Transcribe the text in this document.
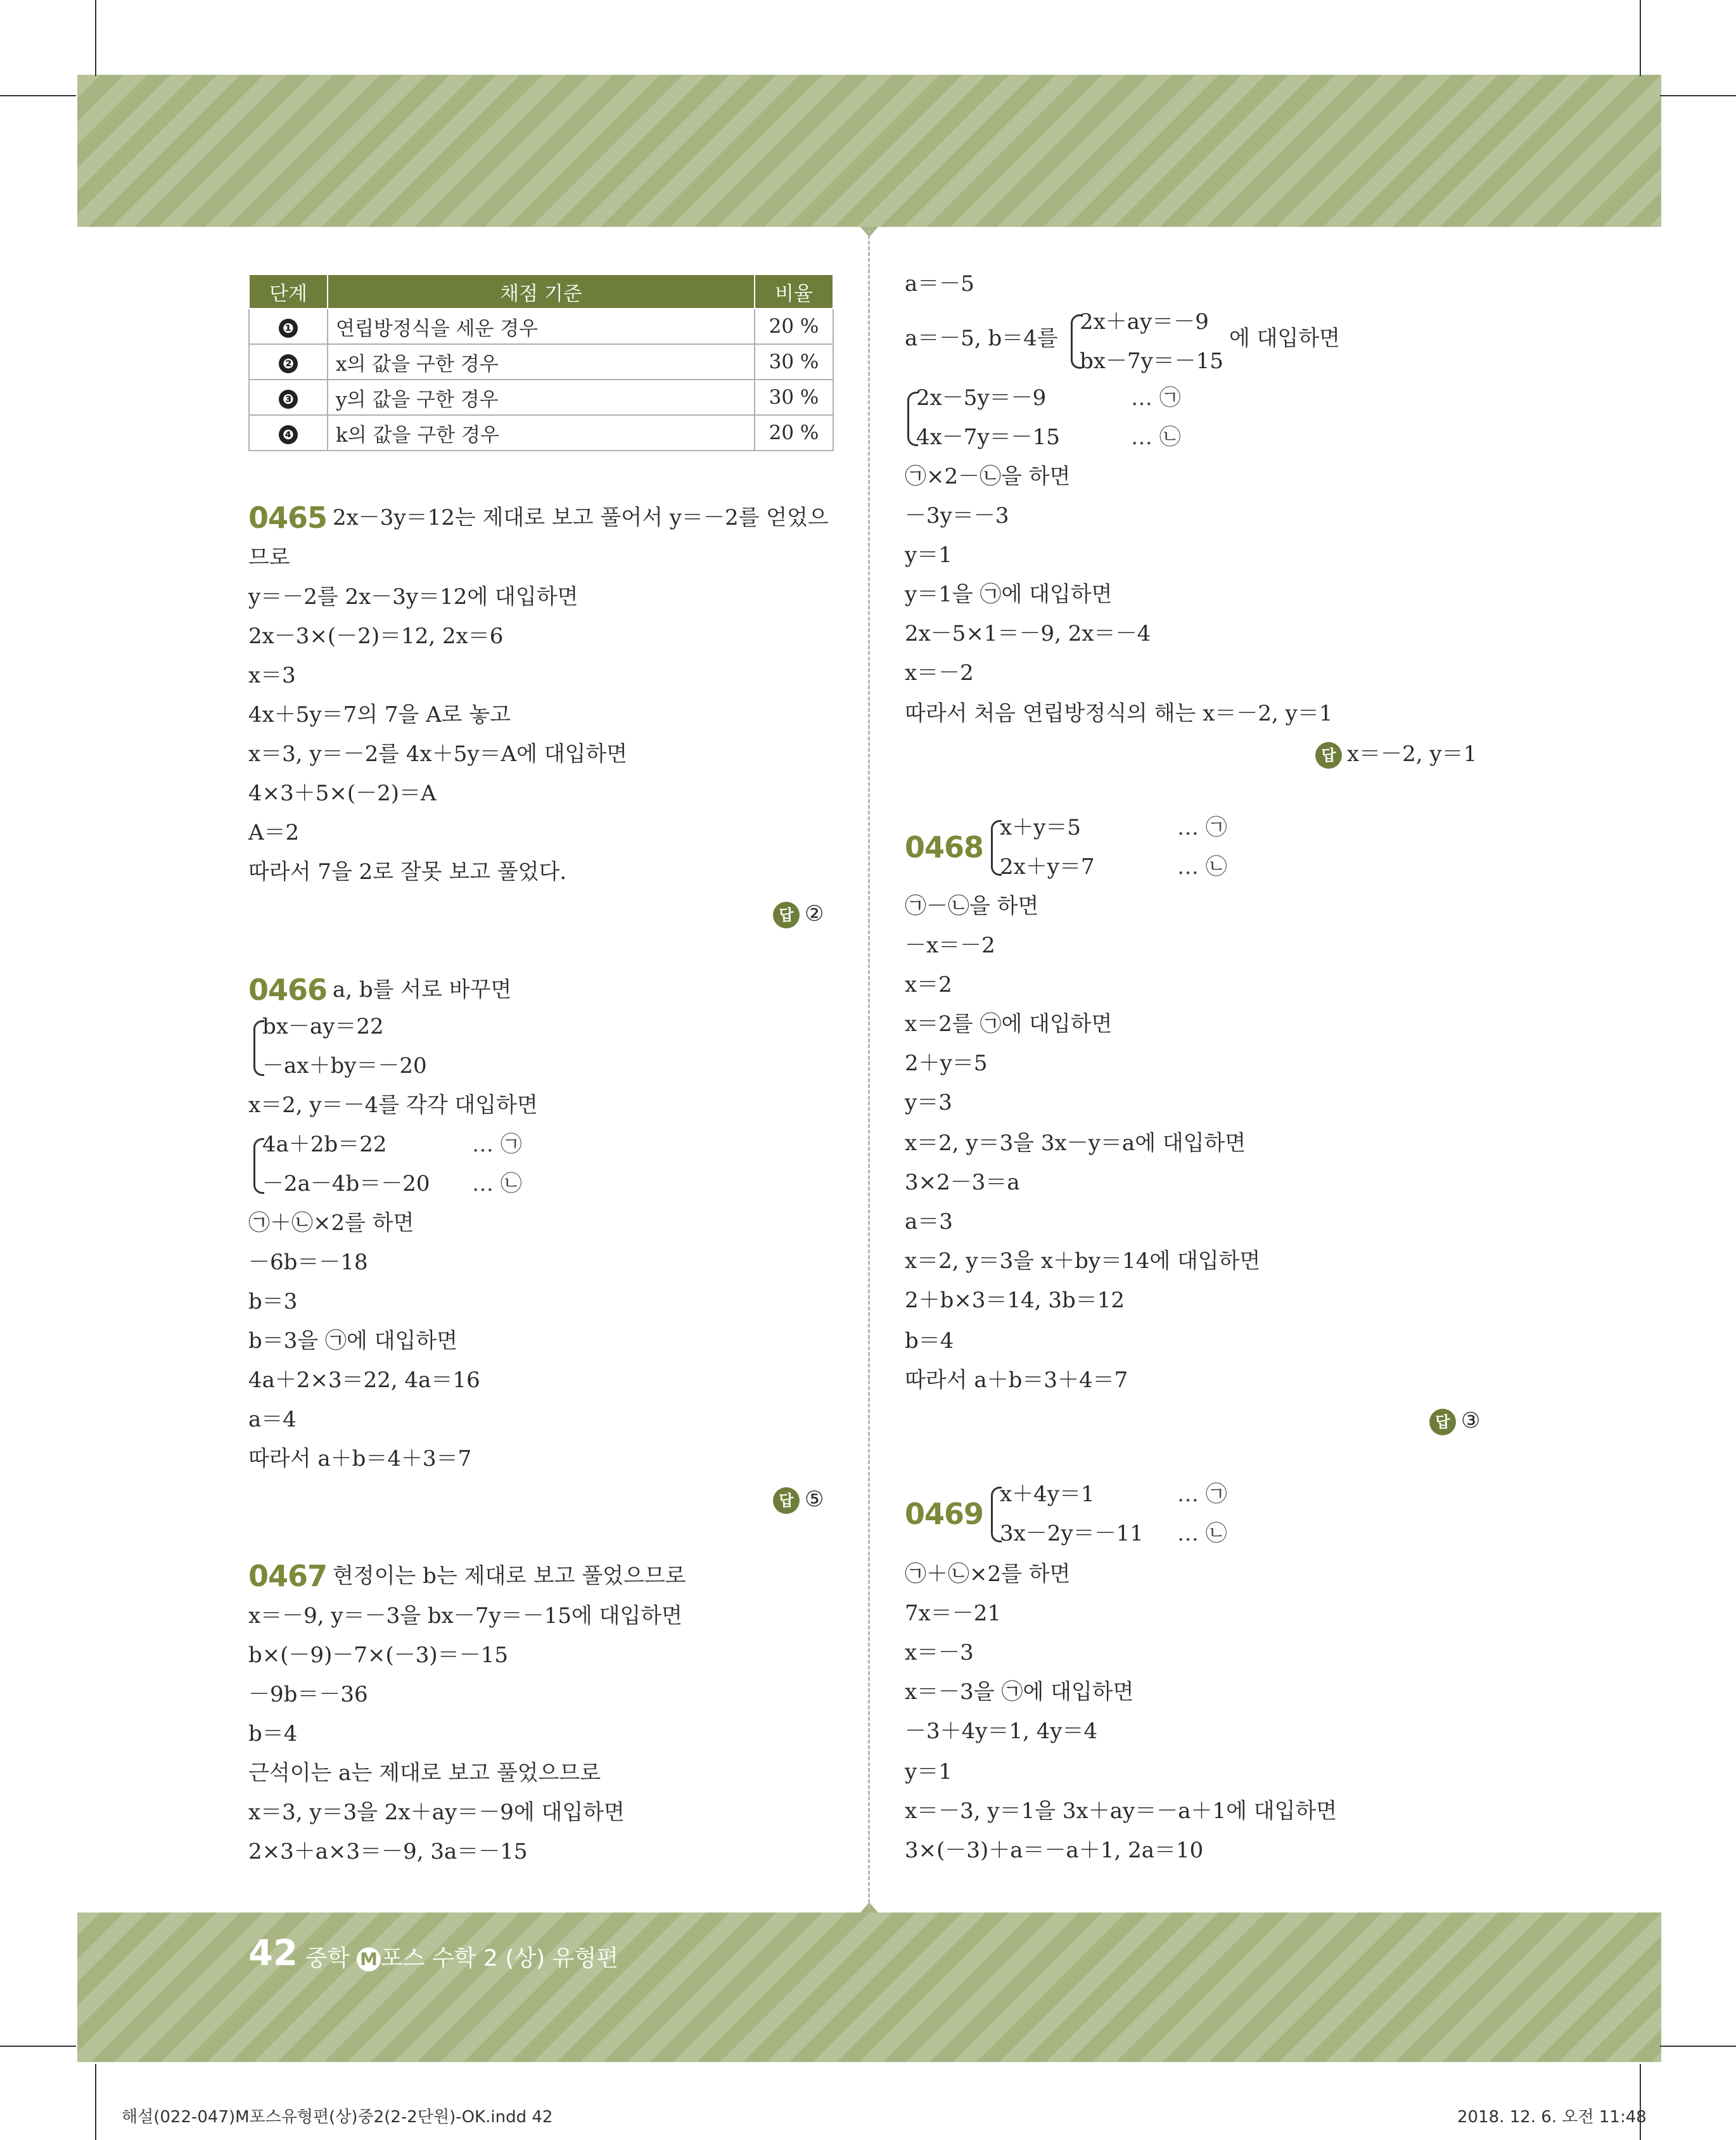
단계	채점 기준	비율
❶	연립방정식을 세운 경우	20 %
❷	x의 값을 구한 경우	30 %
❸	y의 값을 구한 경우	30 %
❹	k의 값을 구한 경우	20 %
0465 2x－3y＝12는 제대로 보고 풀어서 y＝－2를 얻었으
므로
y＝－2를 2x－3y＝12에 대입하면
2x－3×(－2)＝12, 2x＝6
x＝3
4x＋5y＝7의 7을 A로 놓고
x＝3, y＝－2를 4x＋5y＝A에 대입하면
4×3＋5×(－2)＝A
A＝2
따라서 7을 2로 잘못 보고 풀었다.
답 ②
0466 a, b를 서로 바꾸면
bx－ay＝22
－ax＋by＝－20
x＝2, y＝－4를 각각 대입하면
4a＋2b＝22	… ㉠
－2a－4b＝－20 … ㉡
㉠＋㉡×2를 하면
－6b＝－18
b＝3
b＝3을 ㉠에 대입하면
4a＋2×3＝22, 4a＝16
a＝4
따라서 a＋b＝4＋3＝7
답 ⑤
0467 현정이는 b는 제대로 보고 풀었으므로
x＝－9, y＝－3을 bx－7y＝－15에 대입하면
b×(－9)－7×(－3)＝－15
－9b＝－36
b＝4
근석이는 a는 제대로 보고 풀었으므로
x＝3, y＝3을 2x＋ay＝－9에 대입하면
2×3＋a×3＝－9, 3a＝－15
a＝－5
a＝－5, b＝4를
2x＋ay＝－9
bx－7y＝－15
에 대입하면
2x－5y＝－9	… ㉠
4x－7y＝－15	… ㉡
㉠×2－㉡을 하면
－3y＝－3
y＝1
y＝1을 ㉠에 대입하면
2x－5×1＝－9, 2x＝－4
x＝－2
따라서 처음 연립방정식의 해는 x＝－2, y＝1
답 x＝－2, y＝1
0468
x＋y＝5	… ㉠
2x＋y＝7	… ㉡
㉠－㉡을 하면
－x＝－2
x＝2
x＝2를 ㉠에 대입하면
2＋y＝5
y＝3
x＝2, y＝3을 3x－y＝a에 대입하면
3×2－3＝a
a＝3
x＝2, y＝3을 x＋by＝14에 대입하면
2＋b×3＝14, 3b＝12
b＝4
따라서 a＋b＝3＋4＝7
답 ③
0469
x＋4y＝1	… ㉠
3x－2y＝－11 … ㉡
㉠＋㉡×2를 하면
7x＝－21
x＝－3
x＝－3을 ㉠에 대입하면
－3＋4y＝1, 4y＝4
y＝1
x＝－3, y＝1을 3x＋ay＝－a＋1에 대입하면
3×(－3)＋a＝－a＋1, 2a＝10
42 중학 M 포스 수학 2 (상) 유형편
해설(022-047)M포스유형편(상)중2(2-2단원)-OK.indd 42	2018. 12. 6. 오전 11:48
